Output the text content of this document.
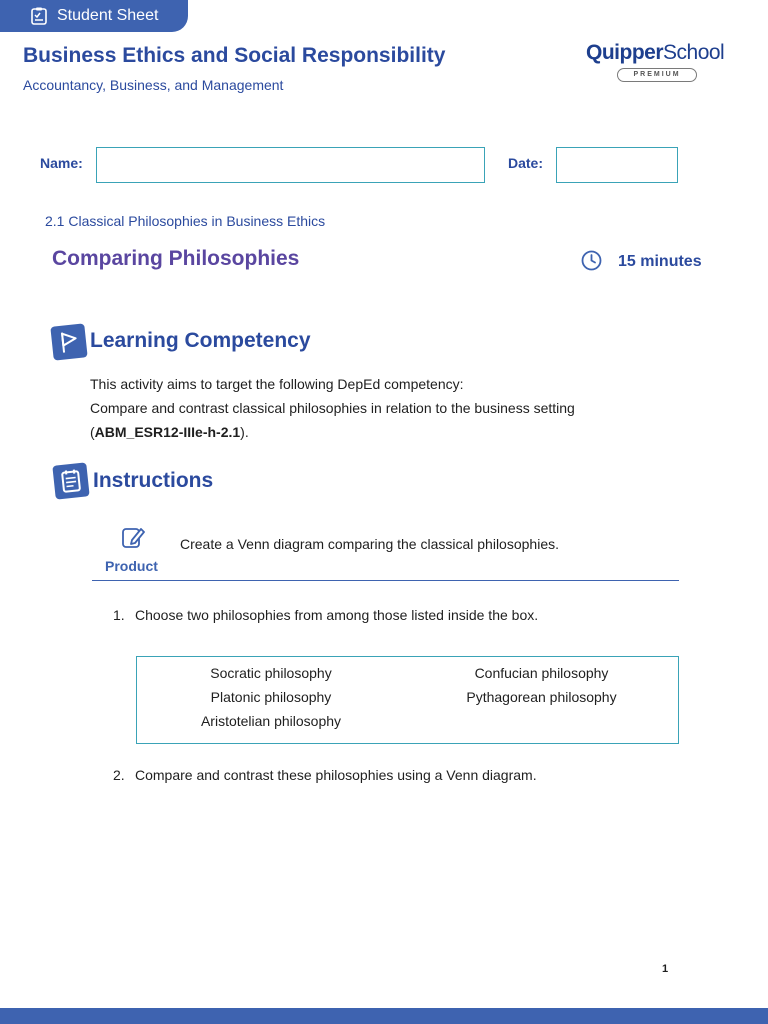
Student Sheet
Business Ethics and Social Responsibility
Accountancy, Business, and Management
QuipperSchool
PREMIUM
Name:	Date:
2.1 Classical Philosophies in Business Ethics
Comparing Philosophies	15 minutes
Learning Competency

This activity aims to target the following DepEd competency:

Compare and contrast classical philosophies in relation to the business setting

(ABM_ESR12-IIIe-h-2.1).

Instructions
Product
Create a Venn diagram comparing the classical philosophies.
1. Choose two philosophies from among those listed inside the box.
Socratic philosophy
Platonic philosophy
Aristotelian philosophy
Confucian philosophy
Pythagorean philosophy
2. Compare and contrast these philosophies using a Venn diagram.
1
